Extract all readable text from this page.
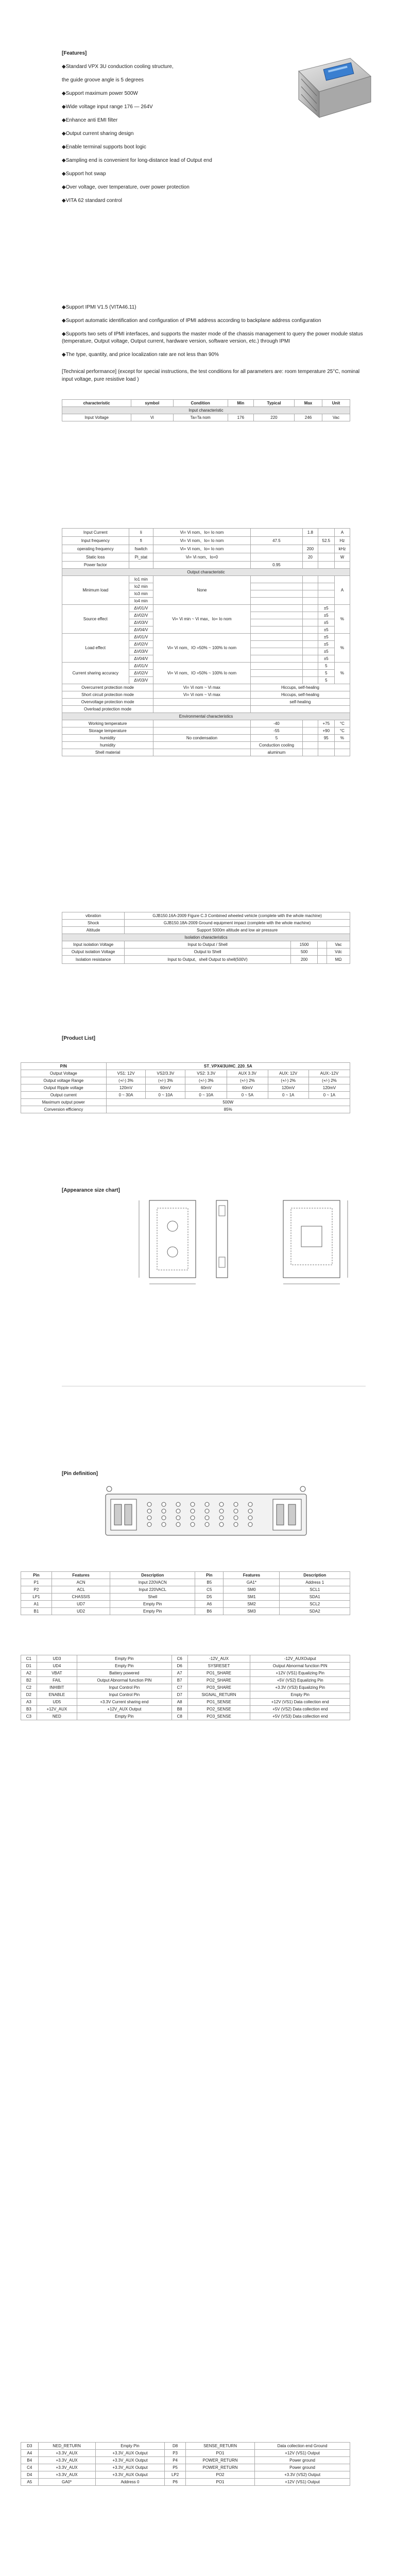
[Features]

◆Standard VPX 3U conduction cooling structure,

the guide groove angle is 5 degrees

◆Support maximum power 500W

◆Wide voltage input range 176 — 264V

◆Enhance anti EMI filter

◆Output current sharing design

◆Enable terminal supports boot logic

◆Sampling end is convenient for long-distance lead of Output end

◆Support hot swap

◆Over voltage, over temperature, over power protection

◆VITA 62 standard control

◆Support IPMI V1.5 (VITA46.11)

◆Support automatic identification and configuration of IPMI address according to backplane address configuration

◆Supports two sets of IPMI interfaces, and supports the master mode of the chassis management to query the power module status (temperature, Output voltage, Output current, hardware version, software version, etc.) through IPMI

◆The type, quantity, and price localization rate are not less than 90%

[Technical performance] (except for special instructions, the test conditions for all parameters are: room temperature 25°C, nominal input voltage, pure resistive load )

characteristic	symbol	Condition	Min	Typical	Max	Unit
Input characteristic						
Input Voltage	Vi	Ta=Ta nom	176	220	246	Vac
Input Current	Ii	Vi= Vi nom、Io= Io nom		1.8		A
Input frequency	fi	Vi= Vi nom、Io= Io nom	47.5		52.5	Hz
operating frequency	fswitch	Vi= Vi nom、Io= Io nom		200		kHz
Static loss	Pi_stat	Vi= Vi nom、Io=0		20		W
Power factor			0.95			
Output characteristic						
Minimum load	Io1 min	None				A
	Io2 min					
	Io3 min					
	Io4 min					
Source effect	ΔV01/V	Vi= Vi min ~ Vi max、Io= Io nom			±5	%
	ΔV02/V				±5	
	ΔV03/V				±5	
	ΔV04/V				±5	
Load effect	ΔV01/V	Vi= Vi nom、IO =50% ~ 100% Io nom			±5	%
	ΔV02/V				±5	
	ΔV03/V				±5	
	ΔV04/V				±5	
Current sharing accuracy	ΔV01/V	Vi= Vi nom、IO =50% ~ 100% Io nom			5	%
	ΔV02/V				5	
	ΔV03/V				5	
Overcurrent protection mode		Vi= Vi nom ~ Vi max	Hiccups, self-healing			
Short circuit protection mode		Vi= Vi nom ~ Vi max	Hiccups, self-healing			
Overvoltage protection mode			self-healing			
Overload protection mode						
Environmental characteristics						
Working temperature			-40		+75	°C
Storage temperature			-55		+90	°C
humidity		No condensation	5		95	%
humidity			Conduction cooling			
Shell material			aluminum			
vibration	GJB150.16A-2009 Figure C.3 Combined wheeled vehicle (complete with the whole machine)			
Shock	GJB150.18A-2009 Ground equipment impact (complete with the whole machine)			
Altitude	Support 5000m altitude and low air pressure			
Isolation characteristics				
Input isolation Voltage	Input to Output / Shell	1500		Vac
Output isolation Voltage	Output to Shell	500		Vdc
Isolation resistance	Input to Output、shell Output to shell(500V)	200		MΩ
[Product List]
P/N	ST_VPX4/3U/HC_220_5A					
Output Voltage	VS1: 12V	VS2/3.3V	VS2: 3.3V	AUX 3.3V	AUX: 12V	AUX:-12V
Output voltage Range	(+/-) 3%	(+/-) 3%	(+/-) 3%	(+/-) 2%	(+/-) 2%	(+/-) 2%
Output Ripple voltage	120mV	60mV	60mV	60mV	120mV	120mV
Output current	0 ~ 30A	0 ~ 10A	0 ~ 10A	0 ~ 5A	0 ~ 1A	0 ~ 1A
Maximum output power	500W					
Conversion efficiency	85%					
[Appearance size chart]
[Pin definition]
Pin	Features	Description	Pin	Features	Description
P1	ACN	Input 220VACN	B5	GA1*	Address 1
P2	ACL	Input 220VACL	C5	SM0	SCL1
LP1	CHASSIS	Shell	D5	SM1	SDA1
A1	UD7	Empty Pin	A6	SM2	SCL2
B1	UD2	Empty Pin	B6	SM3	SDA2
C1	UD3	Empty Pin	C6	-12V_AUX	-12V_AUXOutput
D1	UD4	Empty Pin	D6	SYSRESET	Output Abnormal function PIN
A2	VBAT	Battery powered	A7	PO1_SHARE	+12V (VS1) Equalizing Pin
B2	FAIL	Output Abnormal function PIN	B7	PO2_SHARE	+5V (VS2) Equalizing Pin
C2	INHIBIT	Input Control Pin	C7	PO3_SHARE	+3.3V (VS3) Equalizing Pin
D2	ENABLE	Input Control Pin	D7	SIGNAL_RETURN	Empty Pin
A3	UD5	+3.3V Current sharing end	A8	PO1_SENSE	+12V (VS1) Data collection end
B3	+12V_AUX	+12V_AUX Output	B8	PO2_SENSE	+5V (VS2) Data collection end
C3	NED	Empty Pin	C8	PO3_SENSE	+5V (VS3) Data collection end
D3	NED_RETURN	Empty Pin	D8	SENSE_RETURN	Data collection end Ground
A4	+3.3V_AUX	+3.3V_AUX Output	P3	PO1	+12V (VS1) Output
B4	+3.3V_AUX	+3.3V_AUX Output	P4	POWER_RETURN	Power ground
C4	+3.3V_AUX	+3.3V_AUX Output	P5	POWER_RETURN	Power ground
D4	+3.3V_AUX	+3.3V_AUX Output	LP2	PO2	+3.3V (VS2) Output
A5	GA0*	Address 0	P6	PO1	+12V (VS1) Output
